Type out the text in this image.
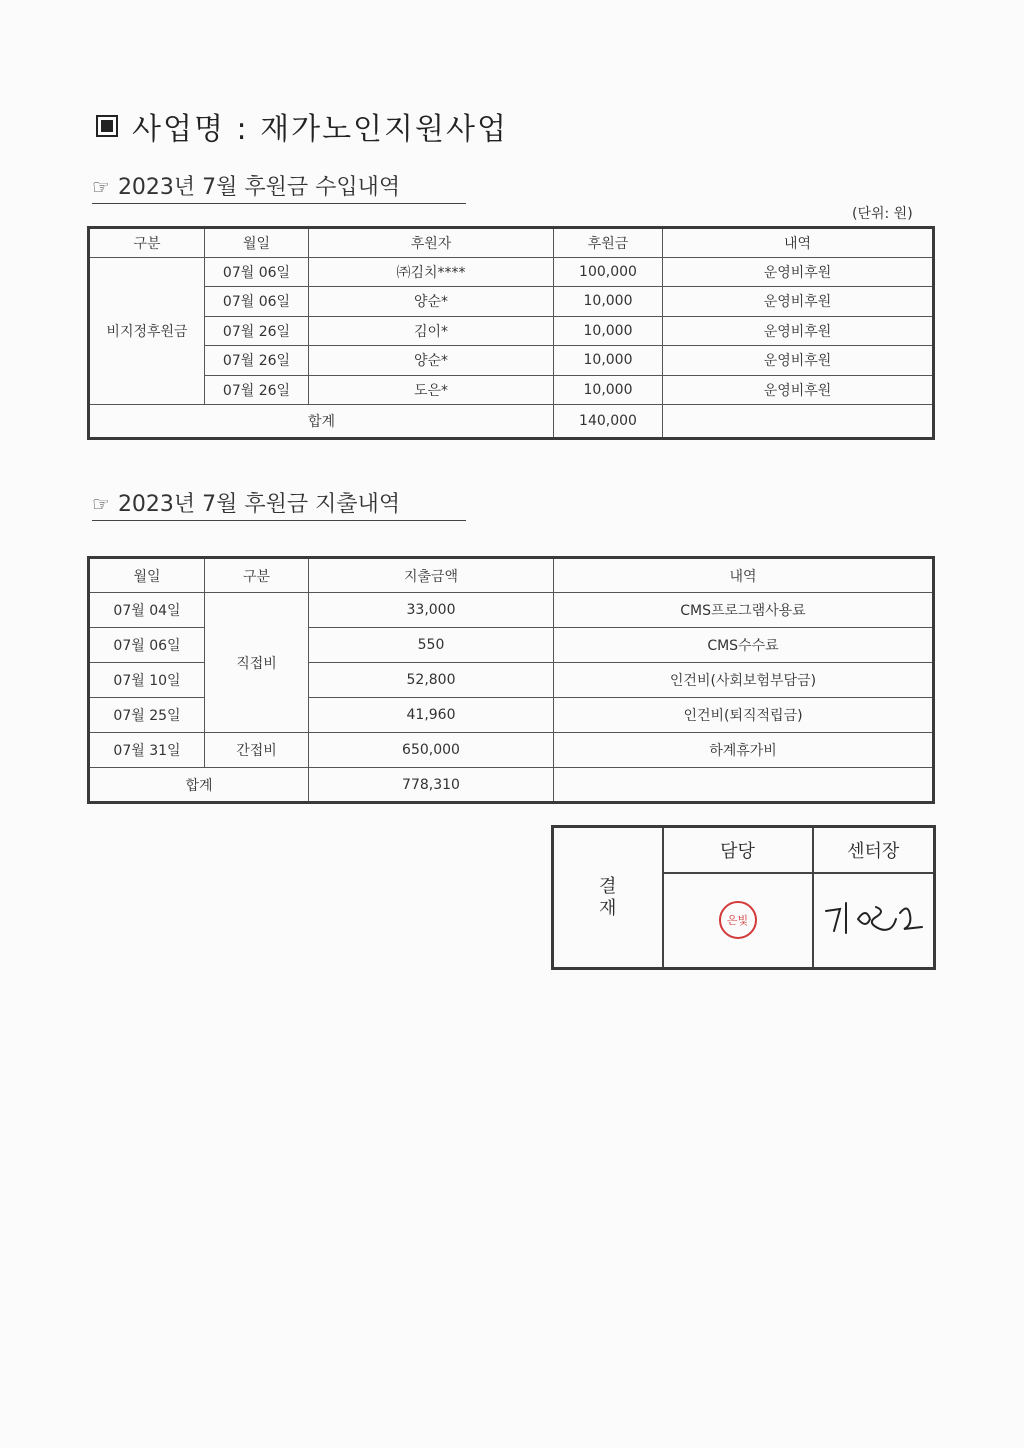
사업명 : 재가노인지원사업
☞ 2023년 7월 후원금 수입내역
(단위: 원)
구분	월일	후원자	후원금	내역
비지정후원금	07월 06일	㈜김치****	100,000	운영비후원
	07월 06일	양순*	10,000	운영비후원
	07월 26일	김이*	10,000	운영비후원
	07월 26일	양순*	10,000	운영비후원
	07월 26일	도은*	10,000	운영비후원
합계			140,000	
☞ 2023년 7월 후원금 지출내역
월일	구분	지출금액	내역
07월 04일	직접비	33,000	CMS프로그램사용료
07월 06일		550	CMS수수료
07월 10일		52,800	인건비(사회보험부담금)
07월 25일		41,960	인건비(퇴직적립금)
07월 31일	간접비	650,000	하계휴가비
합계		778,310	
결
재	담당	센터장

	은빛
